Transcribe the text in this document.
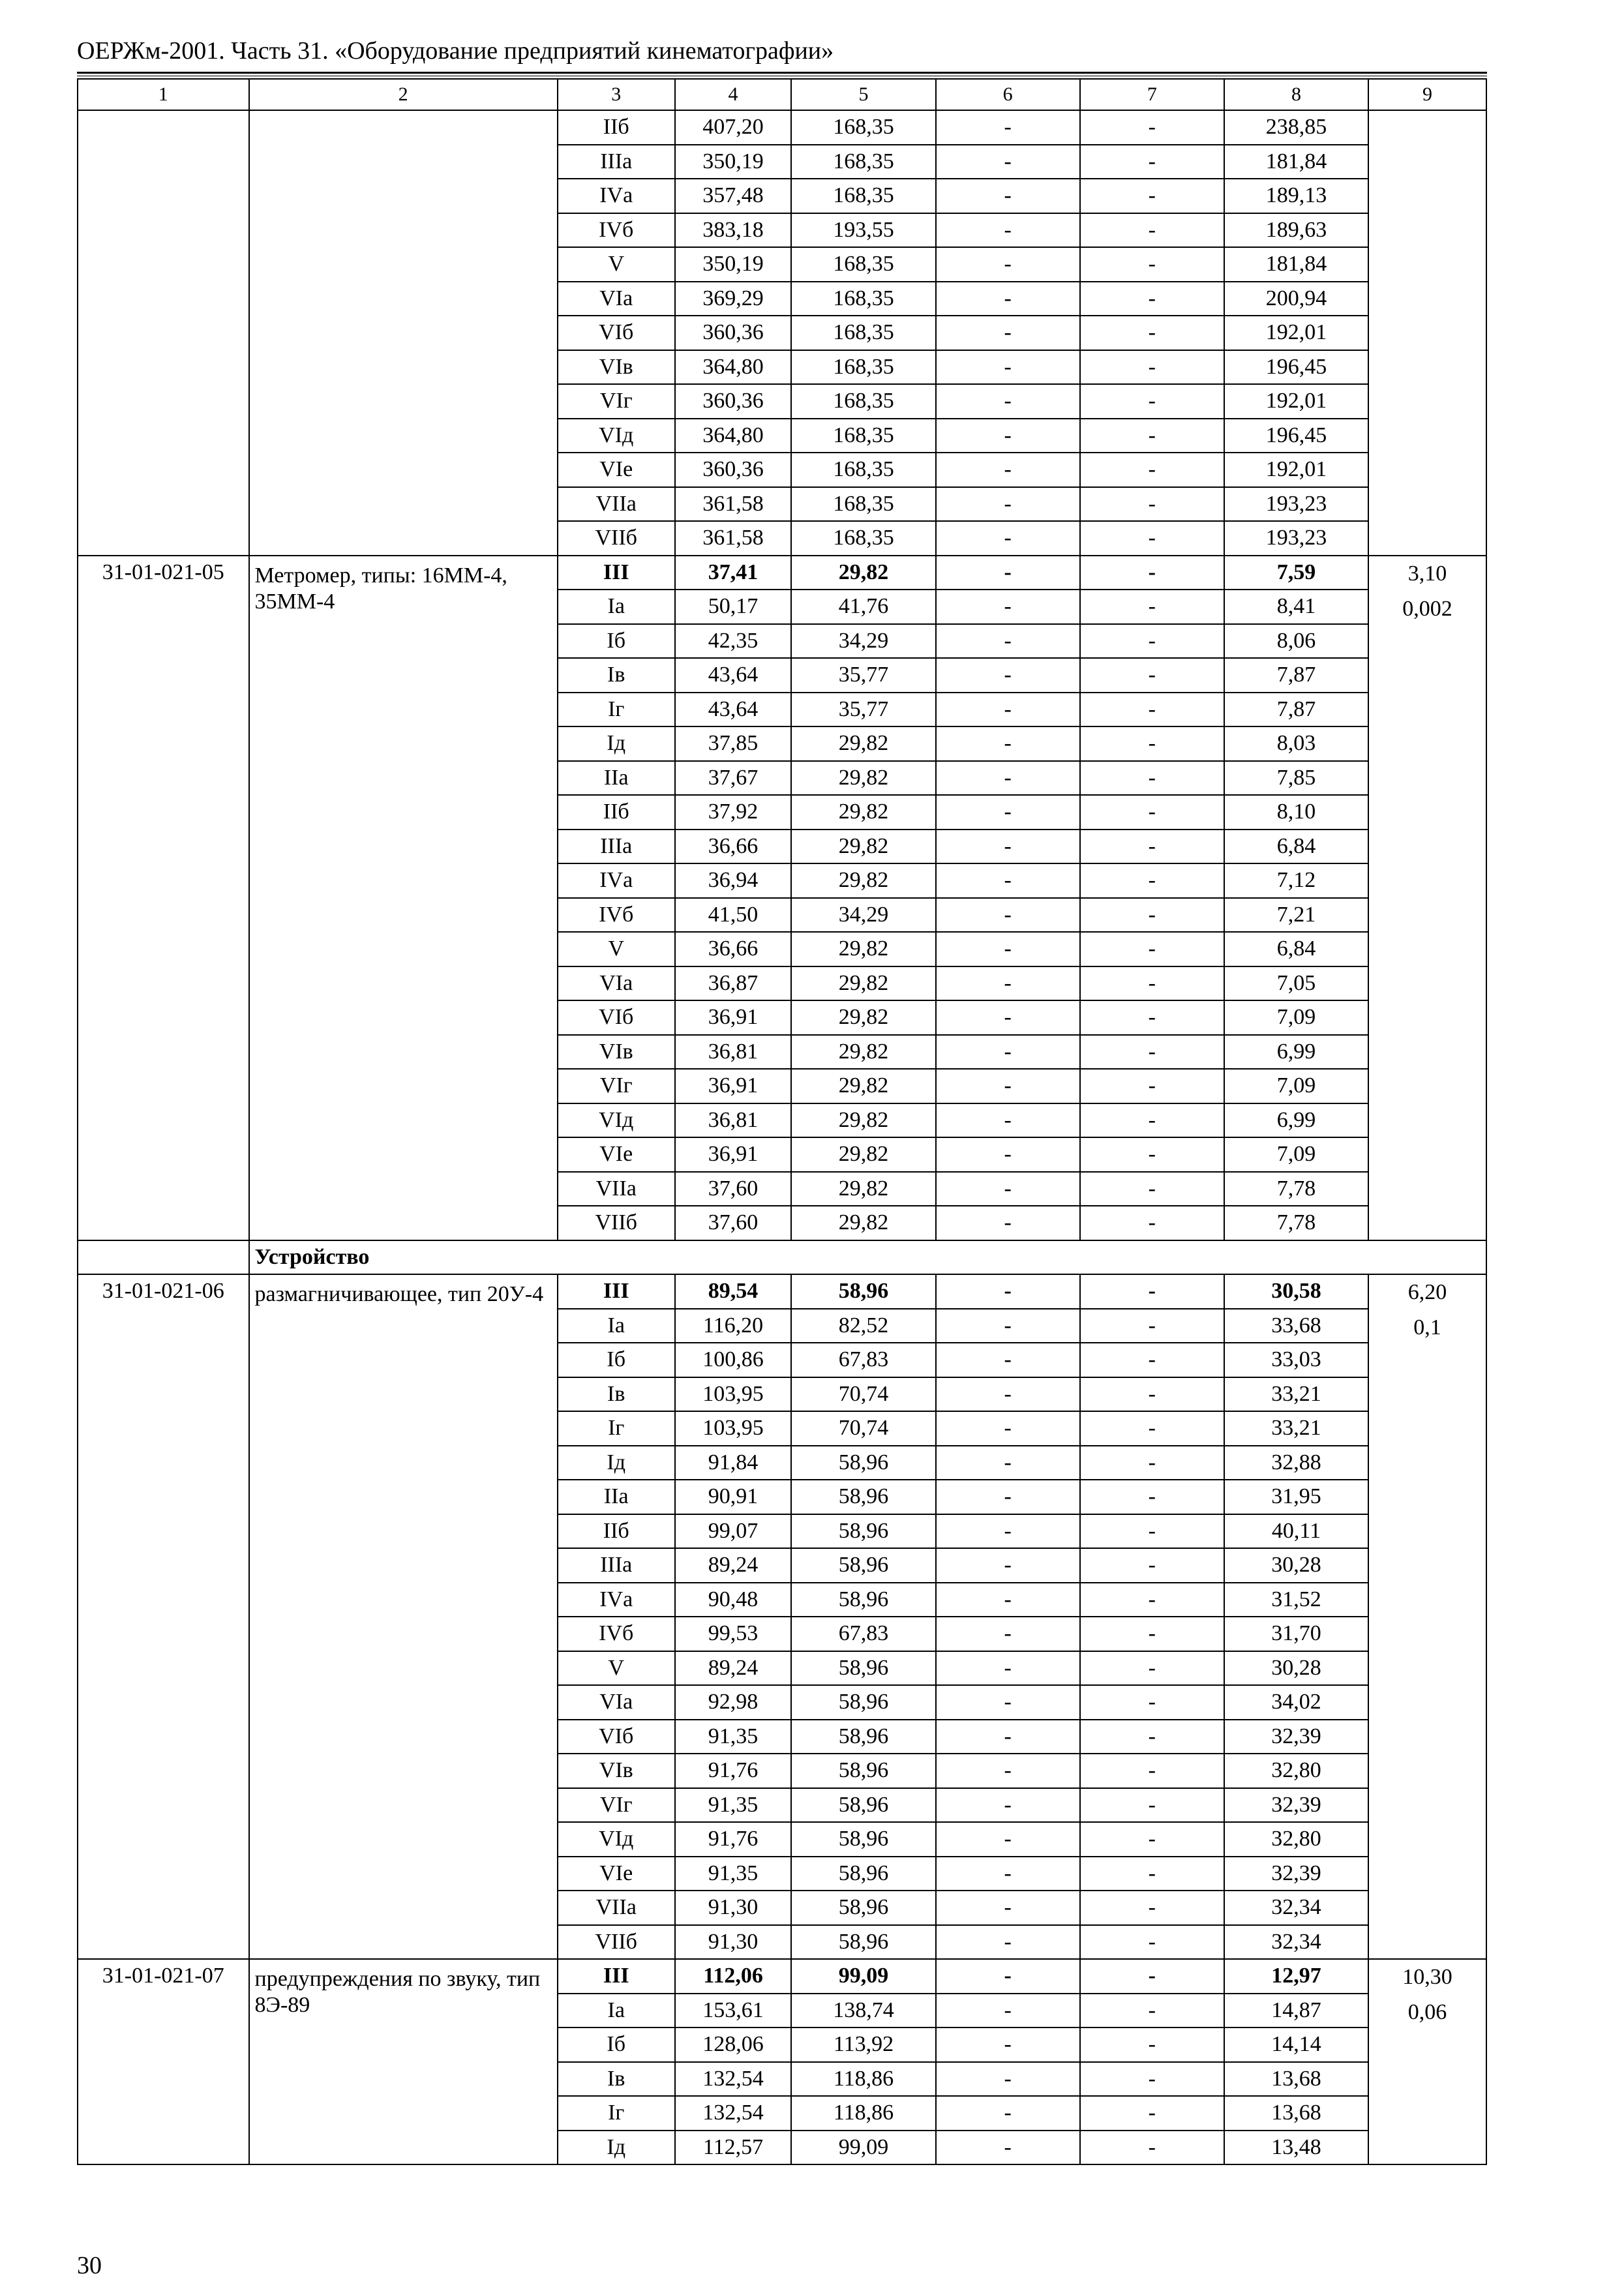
ОЕРЖм-2001. Часть 31. «Оборудование предприятий кинематографии»
1	2	3	4	5	6	7	8	9
		IIб	407,20	168,35	-	-	238,85	
		IIIа	350,19	168,35	-	-	181,84	
		IVа	357,48	168,35	-	-	189,13	
		IVб	383,18	193,55	-	-	189,63	
		V	350,19	168,35	-	-	181,84	
		VIа	369,29	168,35	-	-	200,94	
		VIб	360,36	168,35	-	-	192,01	
		VIв	364,80	168,35	-	-	196,45	
		VIг	360,36	168,35	-	-	192,01	
		VIд	364,80	168,35	-	-	196,45	
		VIе	360,36	168,35	-	-	192,01	
		VIIа	361,58	168,35	-	-	193,23	
		VIIб	361,58	168,35	-	-	193,23	
31-01-021-05	Метромер, типы: 16ММ-4, 35ММ-4	III	37,41	29,82	-	-	7,59	3,10
0,002

		Iа	50,17	41,76	-	-	8,41	
		Iб	42,35	34,29	-	-	8,06	
		Iв	43,64	35,77	-	-	7,87	
		Iг	43,64	35,77	-	-	7,87	
		Iд	37,85	29,82	-	-	8,03	
		IIа	37,67	29,82	-	-	7,85	
		IIб	37,92	29,82	-	-	8,10	
		IIIа	36,66	29,82	-	-	6,84	
		IVа	36,94	29,82	-	-	7,12	
		IVб	41,50	34,29	-	-	7,21	
		V	36,66	29,82	-	-	6,84	
		VIа	36,87	29,82	-	-	7,05	
		VIб	36,91	29,82	-	-	7,09	
		VIв	36,81	29,82	-	-	6,99	
		VIг	36,91	29,82	-	-	7,09	
		VIд	36,81	29,82	-	-	6,99	
		VIе	36,91	29,82	-	-	7,09	
		VIIа	37,60	29,82	-	-	7,78	
		VIIб	37,60	29,82	-	-	7,78	
	Устройство							
31-01-021-06	размагничивающее, тип 20У-4	III	89,54	58,96	-	-	30,58	6,20
0,1

		Iа	116,20	82,52	-	-	33,68	
		Iб	100,86	67,83	-	-	33,03	
		Iв	103,95	70,74	-	-	33,21	
		Iг	103,95	70,74	-	-	33,21	
		Iд	91,84	58,96	-	-	32,88	
		IIа	90,91	58,96	-	-	31,95	
		IIб	99,07	58,96	-	-	40,11	
		IIIа	89,24	58,96	-	-	30,28	
		IVа	90,48	58,96	-	-	31,52	
		IVб	99,53	67,83	-	-	31,70	
		V	89,24	58,96	-	-	30,28	
		VIа	92,98	58,96	-	-	34,02	
		VIб	91,35	58,96	-	-	32,39	
		VIв	91,76	58,96	-	-	32,80	
		VIг	91,35	58,96	-	-	32,39	
		VIд	91,76	58,96	-	-	32,80	
		VIе	91,35	58,96	-	-	32,39	
		VIIа	91,30	58,96	-	-	32,34	
		VIIб	91,30	58,96	-	-	32,34	
31-01-021-07	предупреждения по звуку, тип 8Э-89	III	112,06	99,09	-	-	12,97	10,30
0,06

		Iа	153,61	138,74	-	-	14,87	
		Iб	128,06	113,92	-	-	14,14	
		Iв	132,54	118,86	-	-	13,68	
		Iг	132,54	118,86	-	-	13,68	
		Iд	112,57	99,09	-	-	13,48	
30
